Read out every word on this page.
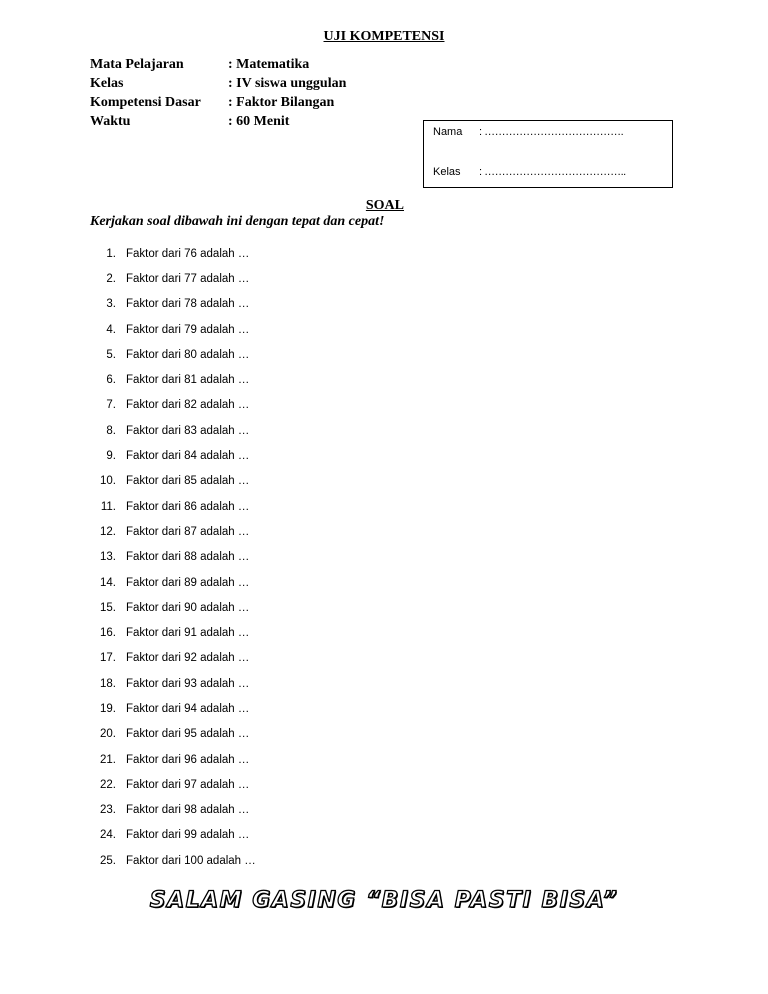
UJI KOMPETENSI
Mata Pelajaran	: Matematika
Kelas	: IV siswa unggulan
Kompetensi Dasar	: Faktor Bilangan
Waktu	: 60 Menit
Nama	: ………………………………….
Kelas	: …………………………………..
SOAL
Kerjakan soal dibawah ini dengan tepat dan cepat!
1. Faktor dari 76 adalah …
2. Faktor dari 77 adalah …
3. Faktor dari 78 adalah …
4. Faktor dari 79 adalah …
5. Faktor dari 80 adalah …
6. Faktor dari 81 adalah …
7. Faktor dari 82 adalah …
8. Faktor dari 83 adalah …
9. Faktor dari 84 adalah …
10. Faktor dari 85 adalah …
11. Faktor dari 86 adalah …
12. Faktor dari 87 adalah …
13. Faktor dari 88 adalah …
14. Faktor dari 89 adalah …
15. Faktor dari 90 adalah …
16. Faktor dari 91 adalah …
17. Faktor dari 92 adalah …
18. Faktor dari 93 adalah …
19. Faktor dari 94 adalah …
20. Faktor dari 95 adalah …
21. Faktor dari 96 adalah …
22. Faktor dari 97 adalah …
23. Faktor dari 98 adalah …
24. Faktor dari 99 adalah …
25. Faktor dari 100 adalah …
SALAM GASING “BISA PASTI BISA”
